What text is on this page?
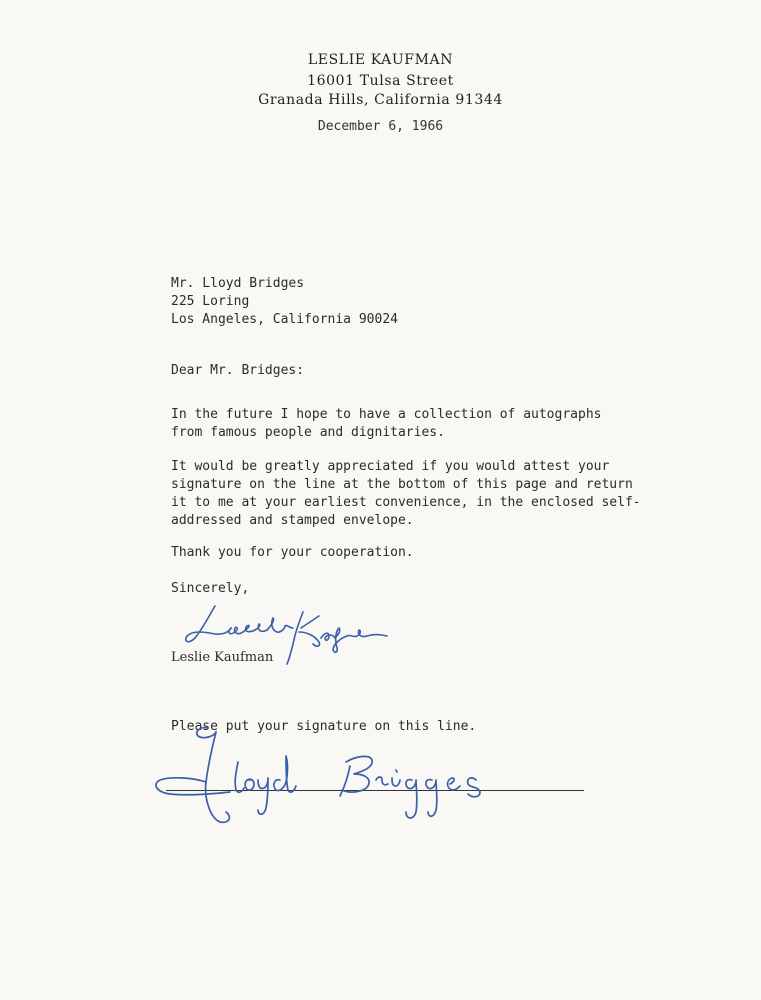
LESLIE KAUFMAN
16001 Tulsa Street
Granada Hills, California 91344
December 6, 1966

Mr. Lloyd Bridges

225 Loring

Los Angeles, California 90024

Dear Mr. Bridges:

In the future I hope to have a collection of autographs

from famous people and dignitaries.

It would be greatly appreciated if you would attest your

signature on the line at the bottom of this page and return

it to me at your earliest convenience, in the enclosed self-

addressed and stamped envelope.

Thank you for your cooperation.
Sincerely,
Leslie Kaufman
Please put your signature on this line.
